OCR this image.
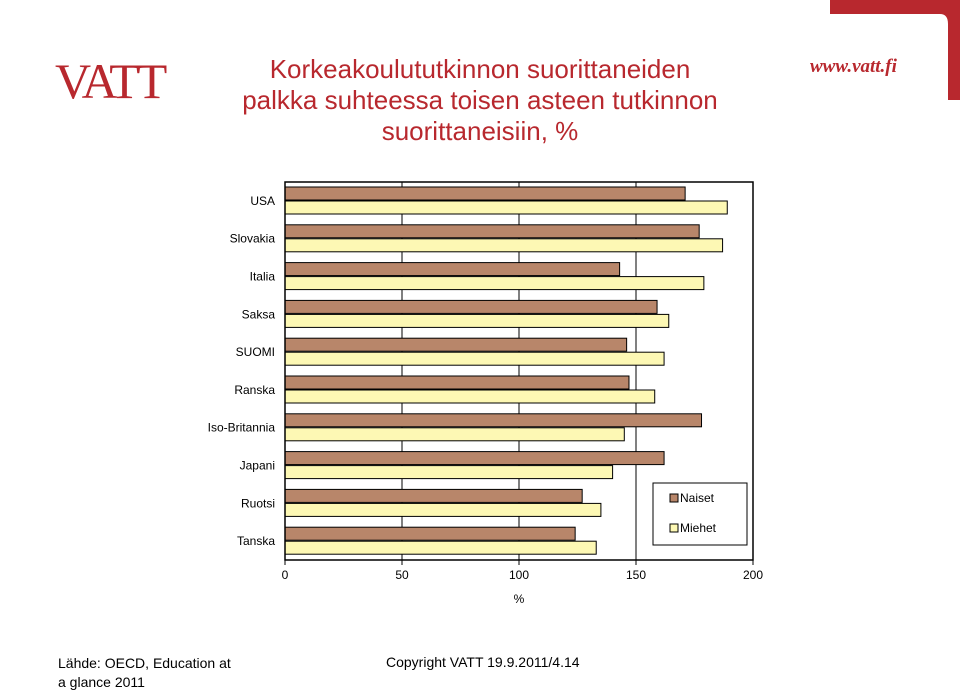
VATT	Korkeakoulututkinnon suorittaneiden
palkka suhteessa toisen asteen tutkinnon
suorittaneisiin, %
www.vatt.fi
USA
Slovakia
Italia
Saksa
SUOMI
Ranska
Iso-Britannia
Japani
Ruotsi
Tanska
0	50	100	150	200
%
Naiset
Miehet
Lähde: OECD, Education at a glance 2011
Copyright VATT 19.9.2011/4.14
